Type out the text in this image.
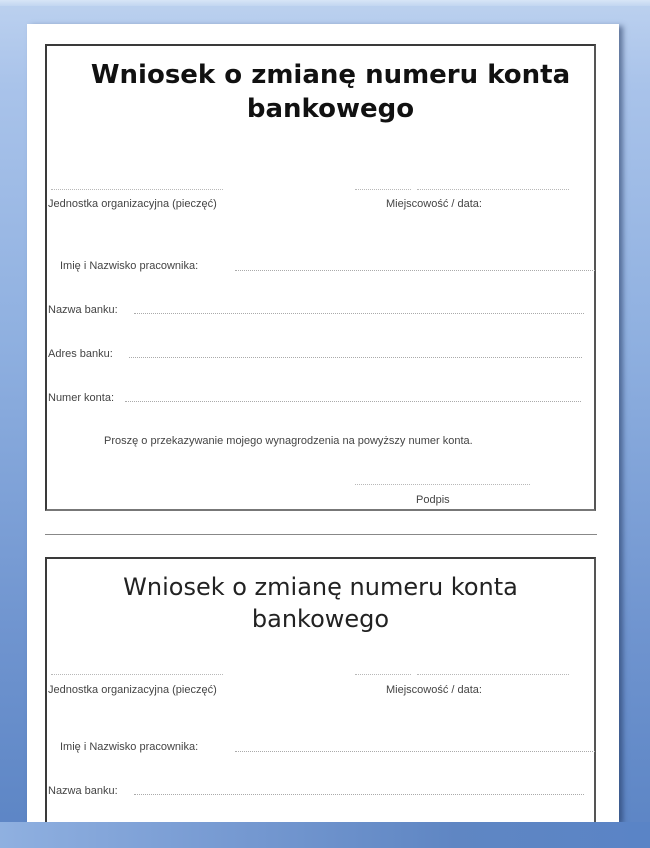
Wniosek o zmianę numeru konta
bankowego
Jednostka organizacyjna (pieczęć)	Miejscowość / data:
Imię i Nazwisko pracownika:
Nazwa banku:
Adres banku:
Numer konta:
Proszę o przekazywanie mojego wynagrodzenia na powyższy numer konta.
Podpis
Wniosek o zmianę numeru konta
bankowego
Jednostka organizacyjna (pieczęć)	Miejscowość / data:
Imię i Nazwisko pracownika:
Nazwa banku:
